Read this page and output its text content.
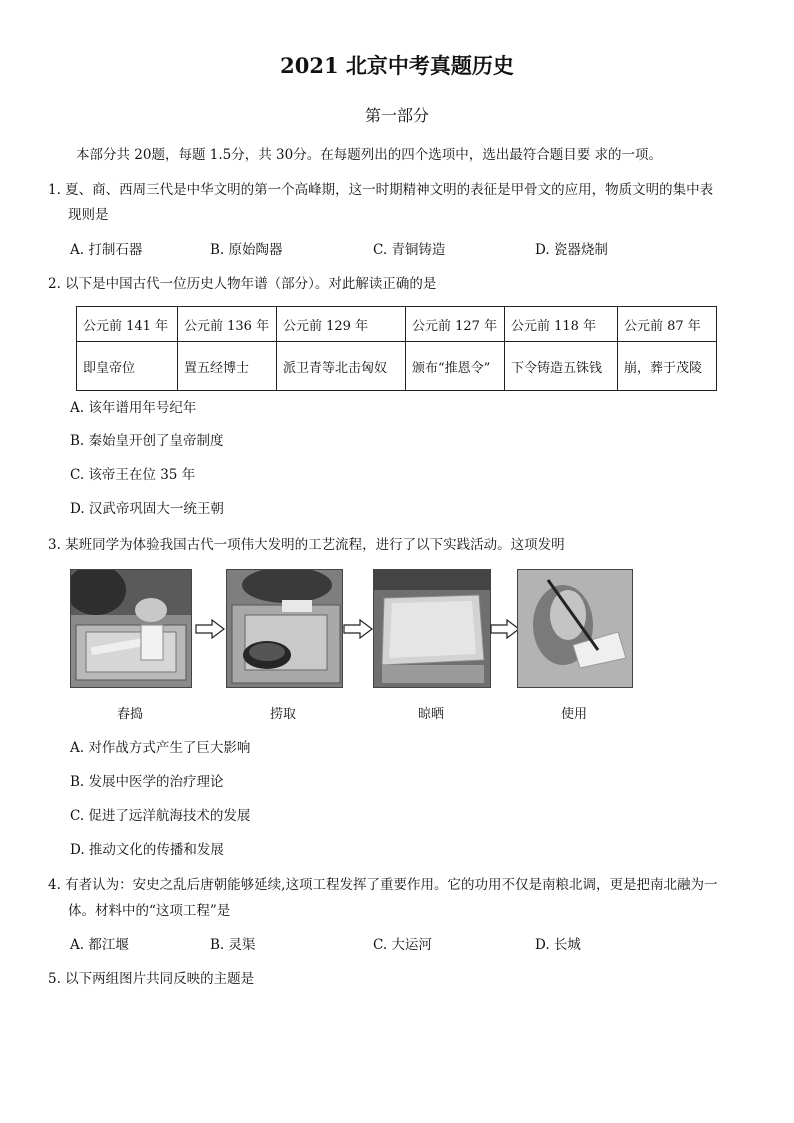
2021 北京中考真题历史
第一部分
本部分共 20题，每题 1.5分，共 30分。在每题列出的四个选项中，选出最符合题目要 求的一项。
1. 夏、商、西周三代是中华文明的第一个高峰期，这一时期精神文明的表征是甲骨文的应用，物质文明的集中表
现则是
A. 打制石器	B. 原始陶器	C. 青铜铸造	D. 瓷器烧制
2. 以下是中国古代一位历史人物年谱（部分）。对此解读正确的是
公元前 141 年	公元前 136 年	公元前 129 年	公元前 127 年	公元前 118 年	公元前 87 年
即皇帝位	置五经博士	派卫青等北击匈奴	颁布“推恩令”	下令铸造五铢钱	崩，葬于茂陵
A. 该年谱用年号纪年
B. 秦始皇开创了皇帝制度
C. 该帝王在位 35 年
D. 汉武帝巩固大一统王朝
3. 某班同学为体验我国古代一项伟大发明的工艺流程，进行了以下实践活动。这项发明
舂捣	捞取	晾晒	使用
A. 对作战方式产生了巨大影响
B. 发展中医学的治疗理论
C. 促进了远洋航海技术的发展
D. 推动文化的传播和发展
4. 有者认为：安史之乱后唐朝能够延续,这项工程发挥了重要作用。它的功用不仅是南粮北调，更是把南北融为一
体。材料中的“这项工程”是
A. 都江堰	B. 灵渠	C. 大运河	D. 长城
5. 以下两组图片共同反映的主题是
